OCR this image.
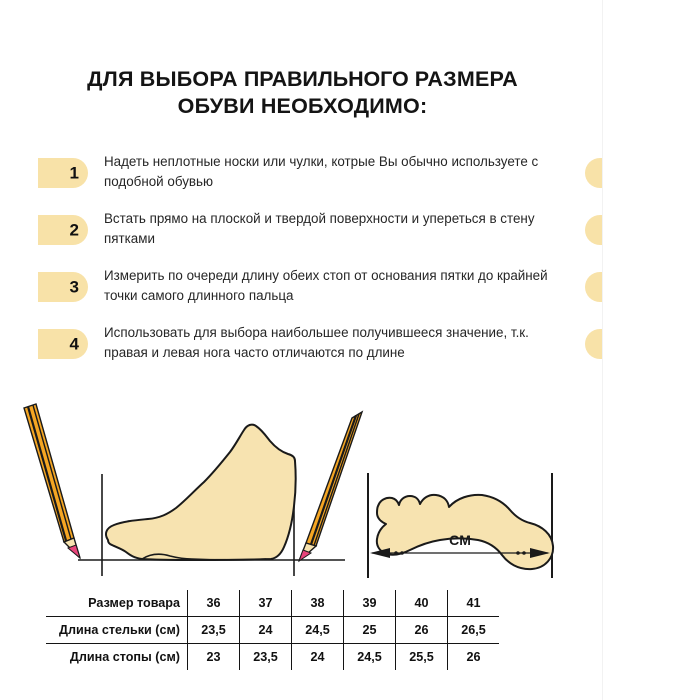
ДЛЯ ВЫБОРА ПРАВИЛЬНОГО РАЗМЕРА
ОБУВИ НЕОБХОДИМО:
1
Надеть неплотные носки или чулки, котрые Вы обычно используете с подобной обувью
2
Встать прямо на плоской и твердой поверхности и упереться в стену пятками
3
Измерить по очереди длину обеих стоп от основания пятки до крайней точки самого длинного пальца
4
Использовать для выбора наибольшее получившееся значение, т.к. правая и левая нога часто отличаются по длине
CM
Размер товара	36	37	38	39	40	41
Длина стельки (см)	23,5	24	24,5	25	26	26,5
Длина стопы (см)	23	23,5	24	24,5	25,5	26
